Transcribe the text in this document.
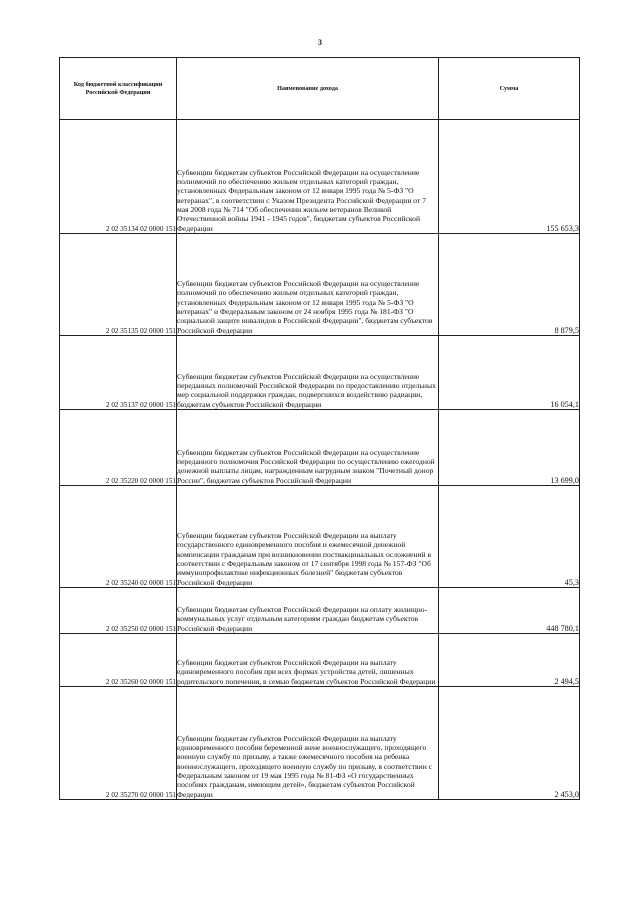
3
Код бюджетной классификации Российской Федерации	Наименование дохода	Сумма

2 02 35134 02 0000 151	Субвенции бюджетам субъектов Российской Федерации на осуществление полномочий по обеспечению жильем отдельных категорий граждан, установленных Федеральным законом от 12 января 1995 года № 5-ФЗ "О ветеранах", в соответствии с Указом Президента Российской Федерации от 7 мая 2008 года № 714 "Об обеспечении жильем ветеранов Великой Отечественной войны 1941 - 1945 годов", бюджетам субъектов Российской Федерации	155 653,3
2 02 35135 02 0000 151	Субвенции бюджетам субъектов Российской Федерации на осуществление полномочий по обеспечению жильем отдельных категорий граждан, установленных Федеральным законом от 12 января 1995 года № 5-ФЗ "О ветеранах" и Федеральным законом от 24 ноября 1995 года № 181-ФЗ "О социальной защите инвалидов в Российской Федерации", бюджетам субъектов Российской Федерации	8 879,5
2 02 35137 02 0000 151	Субвенции бюджетам субъектов Российской Федерации на осуществление переданных полномочий Российской Федерации по предоставлению отдельных мер социальной поддержки граждан, подвергшихся воздействию радиации, бюджетам субъектов Российской Федерации	16 054,1
2 02 35220 02 0000 151	Субвенции бюджетам субъектов Российской Федерации на осуществление переданного полномочия Российской Федерации по осуществлению ежегодной денежной выплаты лицам, награжденным нагрудным знаком "Почетный донор России", бюджетам субъектов Российской Федерации	13 699,0
2 02 35240 02 0000 151	Субвенции бюджетам субъектов Российской Федерации на выплату государственного единовременного пособия и ежемесячной денежной компенсации гражданам при возникновении поствакцинальных осложнений в соответствии с Федеральным законом от 17 сентября 1998 года № 157-ФЗ "Об иммунопрофилактике инфекционных болезней" бюджетам субъектов Российской Федерации	45,3
2 02 35250 02 0000 151	Субвенции бюджетам субъектов Российской Федерации на оплату жилищно-коммунальных услуг отдельным категориям граждан бюджетам субъектов Российской Федерации	448 780,1
2 02 35260 02 0000 151	Субвенции бюджетам субъектов Российской Федерации на выплату единовременного пособия при всех формах устройства детей, лишенных родительского попечения, в семью бюджетам субъектов Российской Федерации	2 494,5
2 02 35270 02 0000 151	Субвенции бюджетам субъектов Российской Федерации на выплату единовременного пособия беременной жене военнослужащего, проходящего военную службу по призыву, а также ежемесячного пособия на ребенка военнослужащего, проходящего военную службу по призыву, в соответствии с Федеральным законом от 19 мая 1995 года № 81-ФЗ «О государственных пособиях гражданам, имеющим детей», бюджетам субъектов Российской Федерации	2 453,0
